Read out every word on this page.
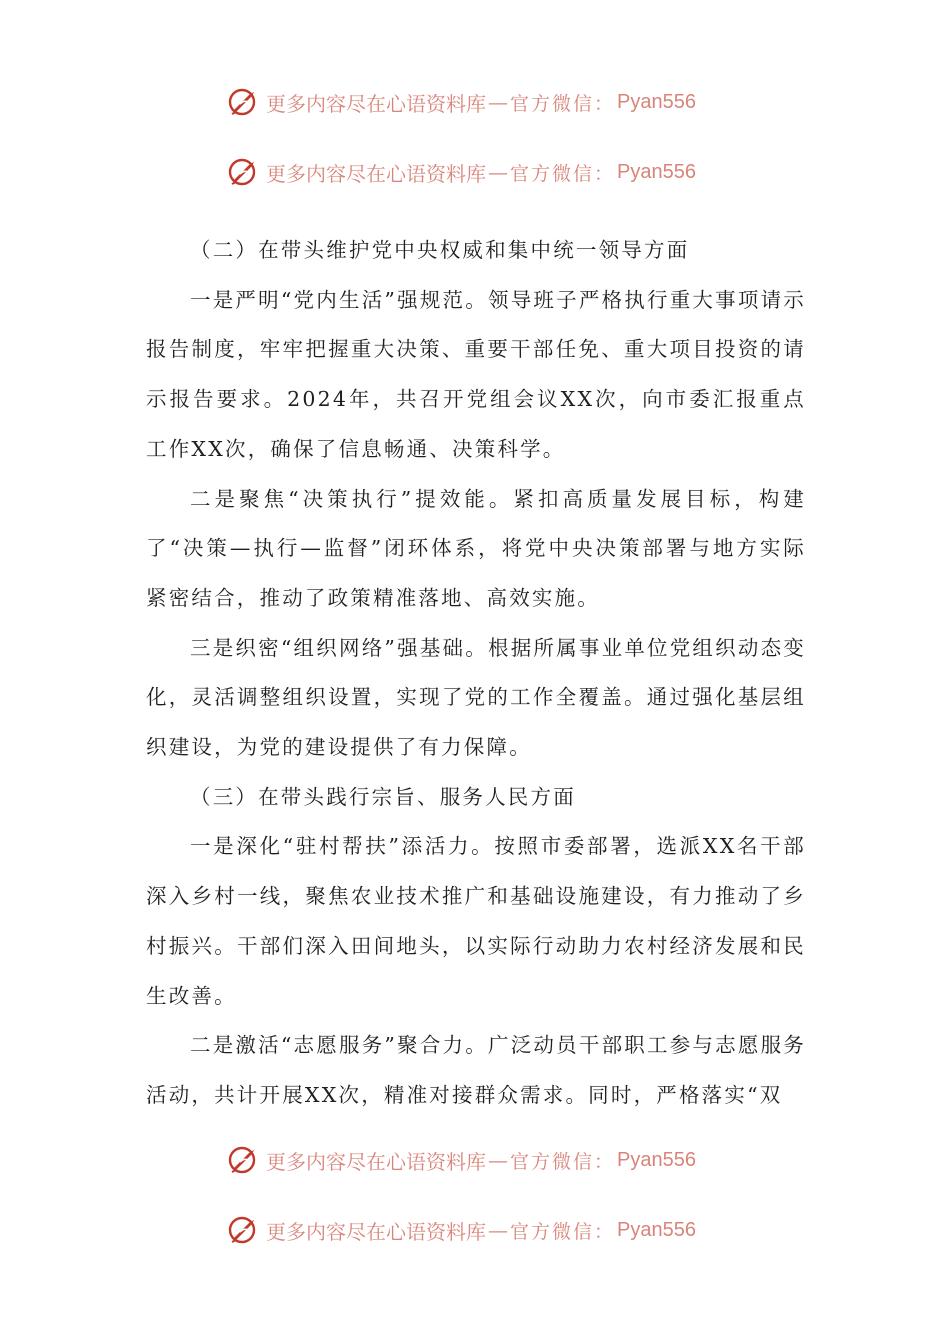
更多内容尽在心语资料库 — 官方微信： Pyan556
更多内容尽在心语资料库 — 官方微信： Pyan556

（二）在带头维护党中央权威和集中统一领导方面

一是严明“党内生活”强规范。领导班子严格执行重大事项请示报告制度，牢牢把握重大决策、重要干部任免、重大项目投资的请示报告要求。2024年，共召开党组会议XX次，向市委汇报重点工作XX次，确保了信息畅通、决策科学。

二是聚焦“决策执行”提效能。紧扣高质量发展目标，构建了“决策—执行—监督”闭环体系，将党中央决策部署与地方实际紧密结合，推动了政策精准落地、高效实施。

三是织密“组织网络”强基础。根据所属事业单位党组织动态变化，灵活调整组织设置，实现了党的工作全覆盖。通过强化基层组织建设，为党的建设提供了有力保障。

（三）在带头践行宗旨、服务人民方面

一是深化“驻村帮扶”添活力。按照市委部署，选派XX名干部深入乡村一线，聚焦农业技术推广和基础设施建设，有力推动了乡村振兴。干部们深入田间地头，以实际行动助力农村经济发展和民生改善。

二是激活“志愿服务”聚合力。广泛动员干部职工参与志愿服务活动，共计开展XX次，精准对接群众需求。同时，严格落实“双

更多内容尽在心语资料库 — 官方微信： Pyan556
更多内容尽在心语资料库 — 官方微信： Pyan556
